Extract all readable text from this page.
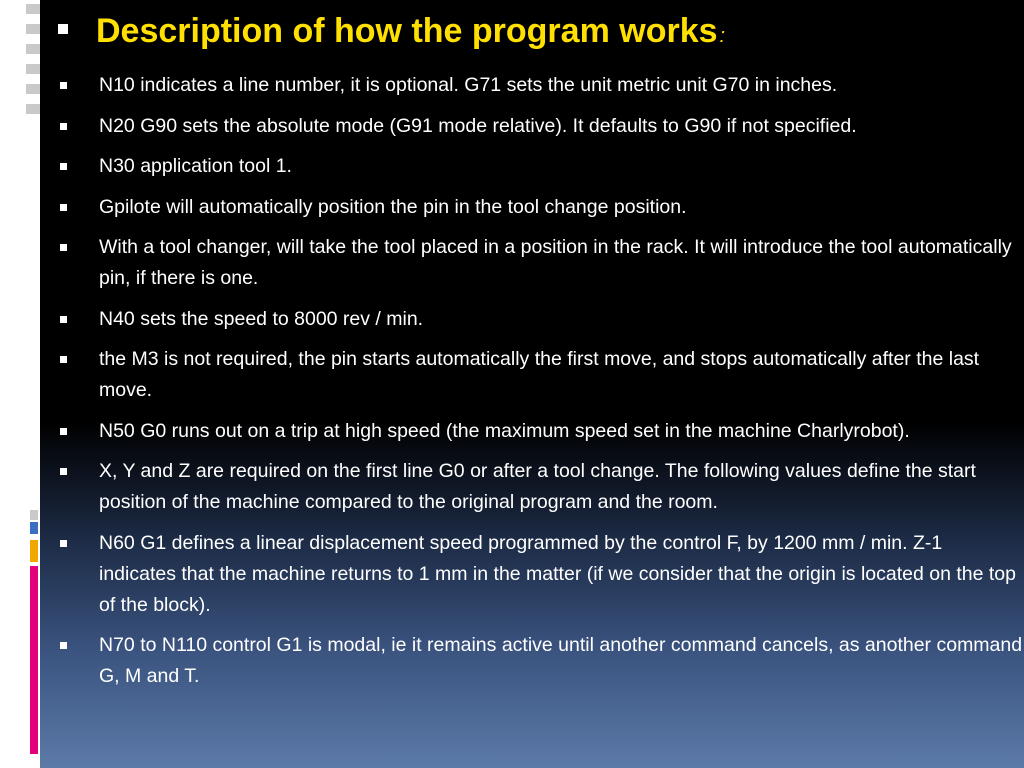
Description of how the program works :
N10 indicates a line number, it is optional. G71 sets the unit metric unit G70 in inches.
N20 G90 sets the absolute mode (G91 mode relative). It defaults to G90 if not specified.
N30 application tool 1.
Gpilote will automatically position the pin in the tool change position.
With a tool changer, will take the tool placed in a position in the rack. It will introduce the tool automatically pin, if there is one.
N40 sets the speed to 8000 rev / min.
the M3 is not required, the pin starts automatically the first move, and stops automatically after the last move.
N50 G0 runs out on a trip at high speed (the maximum speed set in the machine Charlyrobot).
X, Y and Z are required on the first line G0 or after a tool change. The following values define the start position of the machine compared to the original program and the room.
N60 G1 defines a linear displacement speed programmed by the control F, by 1200 mm / min. Z-1 indicates that the machine returns to 1 mm in the matter (if we consider that the origin is located on the top of the block).
N70 to N110 control G1 is modal, ie it remains active until another command cancels, as another command G, M and T.
